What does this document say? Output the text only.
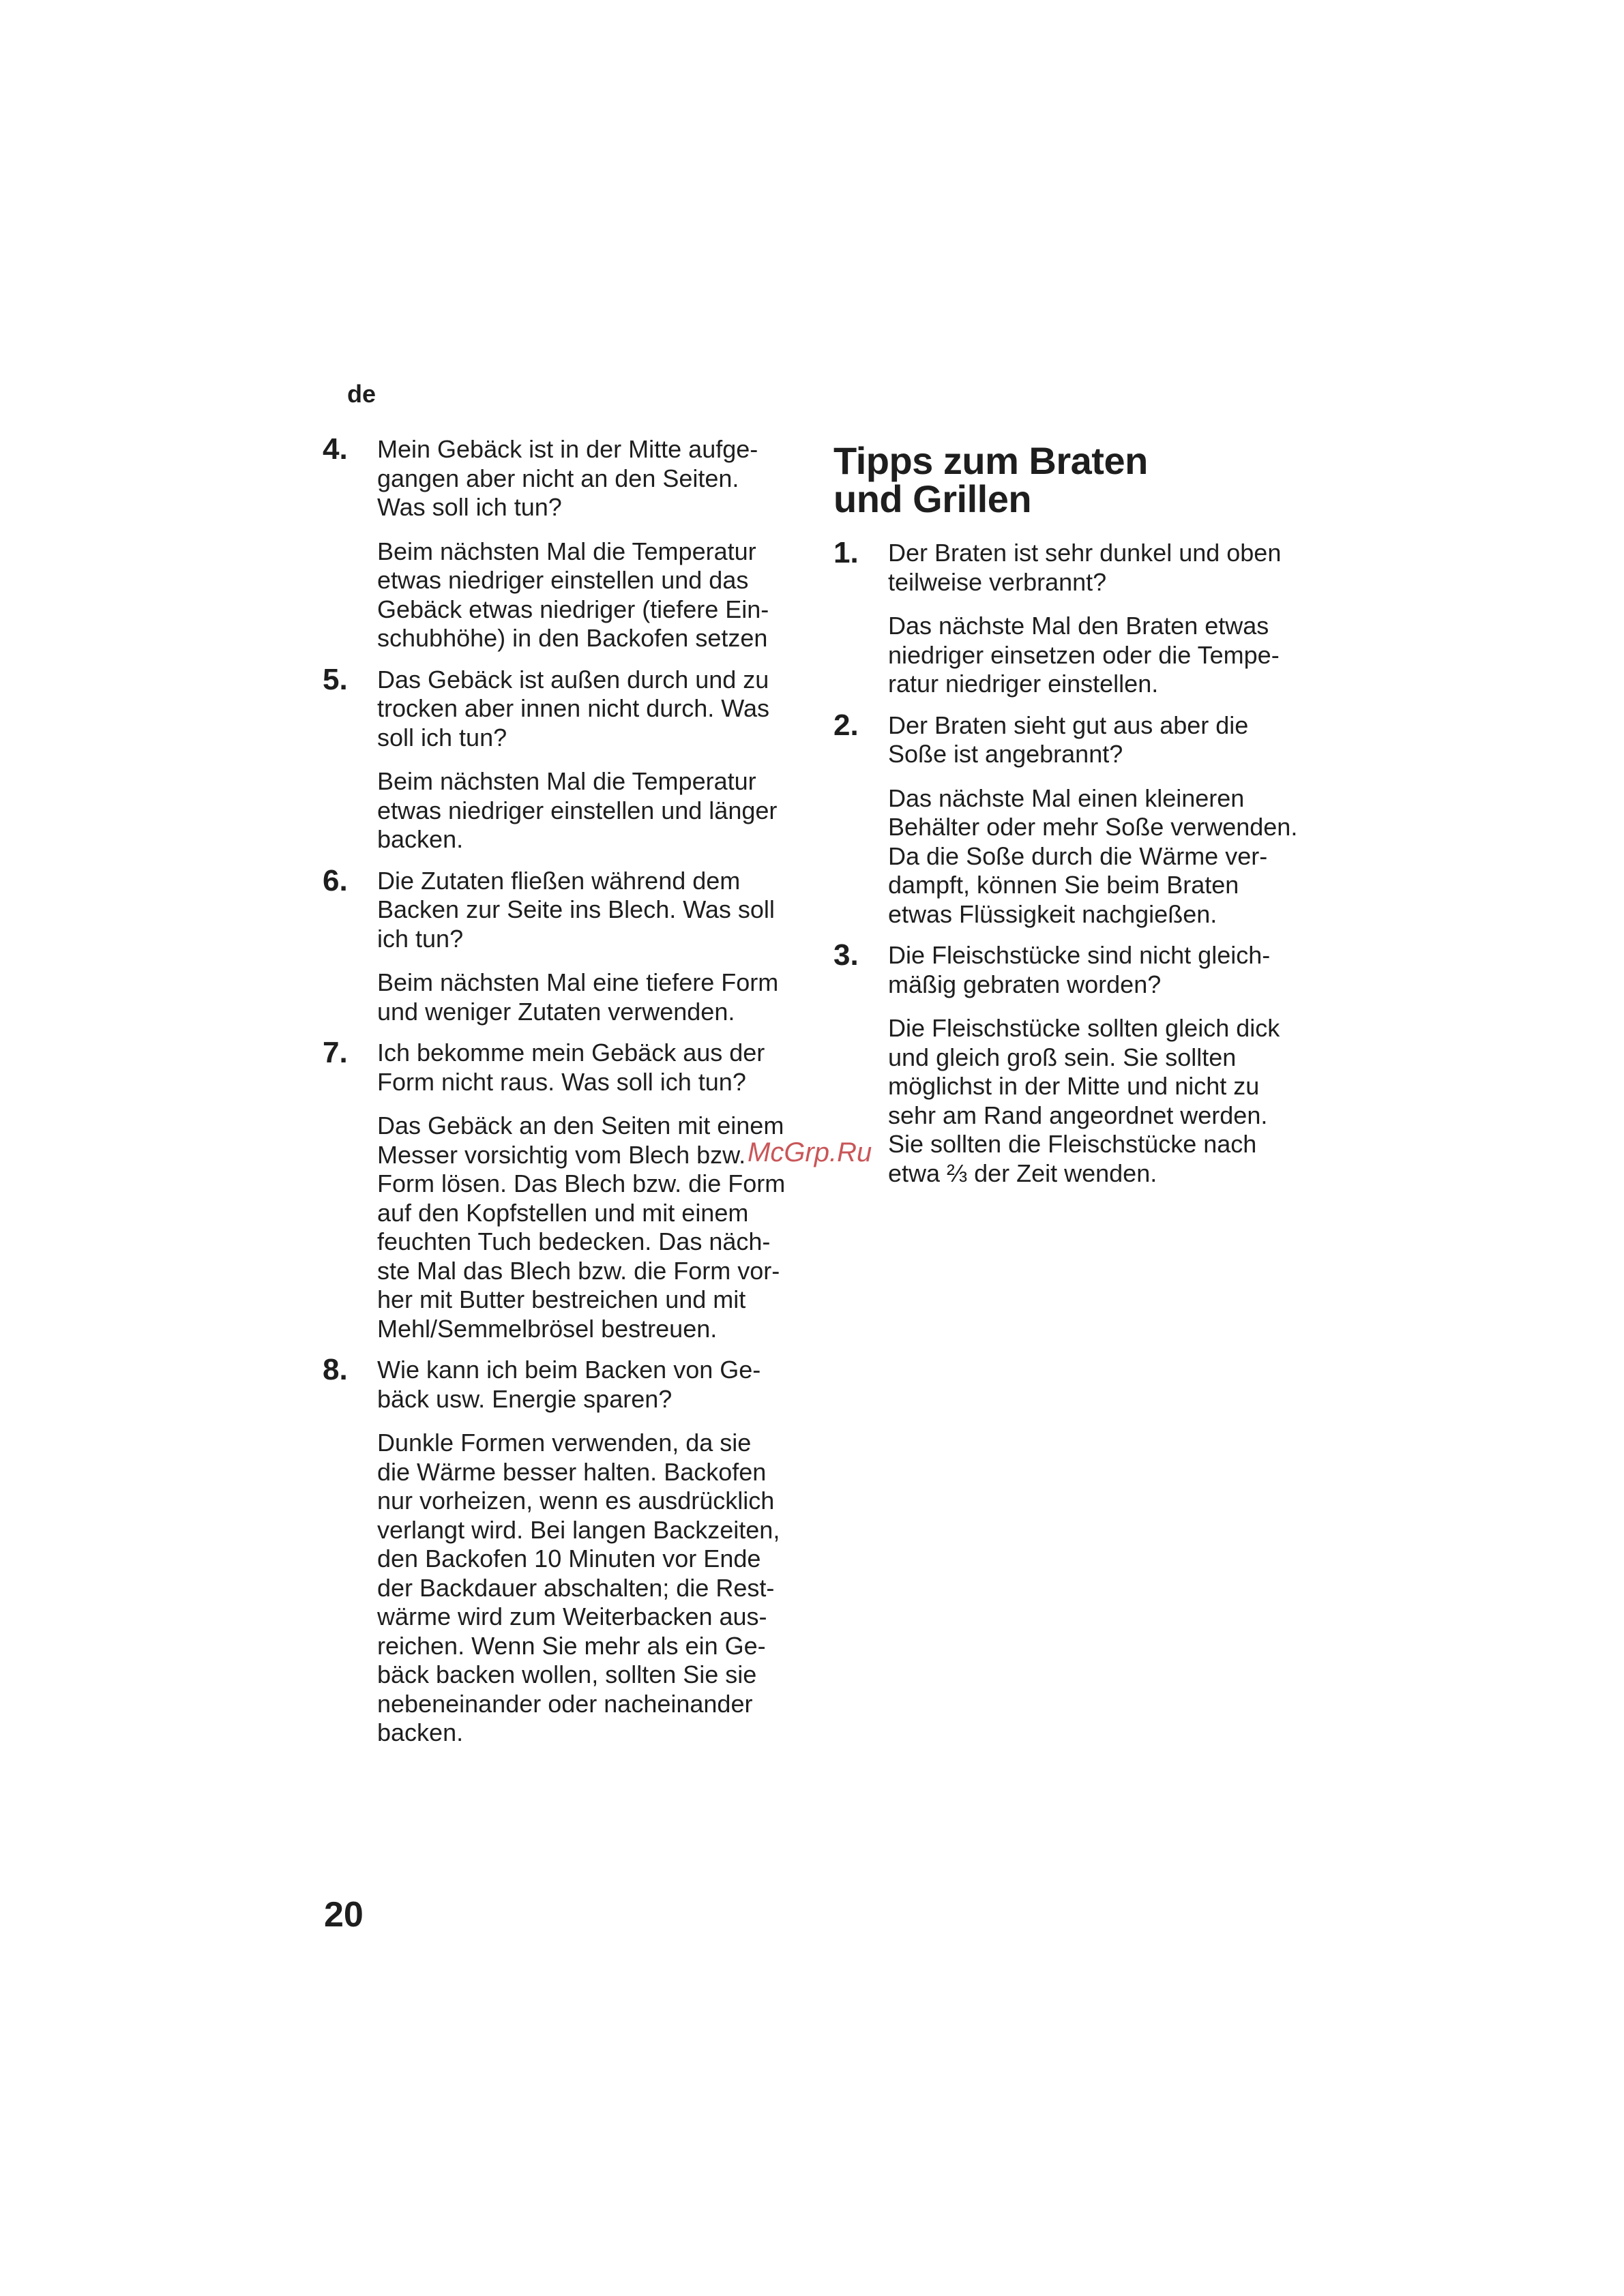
de
4. Mein Gebäck ist in der Mitte aufge-
gangen aber nicht an den Seiten.
Was soll ich tun?
Beim nächsten Mal die Temperatur
etwas niedriger einstellen und das
Gebäck etwas niedriger (tiefere Ein-
schubhöhe) in den Backofen setzen
5. Das Gebäck ist außen durch und zu
trocken aber innen nicht durch. Was
soll ich tun?
Beim nächsten Mal die Temperatur
etwas niedriger einstellen und länger
backen.
6. Die Zutaten fließen während dem
Backen zur Seite ins Blech. Was soll
ich tun?
Beim nächsten Mal eine tiefere Form
und weniger Zutaten verwenden.
7. Ich bekomme mein Gebäck aus der
Form nicht raus. Was soll ich tun?
Das Gebäck an den Seiten mit einem
Messer vorsichtig vom Blech bzw.
Form lösen. Das Blech bzw. die Form
auf den Kopfstellen und mit einem
feuchten Tuch bedecken. Das näch-
ste Mal das Blech bzw. die Form vor-
her mit Butter bestreichen und mit
Mehl/Semmelbrösel bestreuen.
8. Wie kann ich beim Backen von Ge-
bäck usw. Energie sparen?
Dunkle Formen verwenden, da sie
die Wärme besser halten. Backofen
nur vorheizen, wenn es ausdrücklich
verlangt wird. Bei langen Backzeiten,
den Backofen 10 Minuten vor Ende
der Backdauer abschalten; die Rest-
wärme wird zum Weiterbacken aus-
reichen. Wenn Sie mehr als ein Ge-
bäck backen wollen, sollten Sie sie
nebeneinander oder nacheinander
backen.
Tipps zum Braten
und Grillen
1. Der Braten ist sehr dunkel und oben
teilweise verbrannt?
Das nächste Mal den Braten etwas
niedriger einsetzen oder die Tempe-
ratur niedriger einstellen.
2. Der Braten sieht gut aus aber die
Soße ist angebrannt?
Das nächste Mal einen kleineren
Behälter oder mehr Soße verwenden.
Da die Soße durch die Wärme ver-
dampft, können Sie beim Braten
etwas Flüssigkeit nachgießen.
3. Die Fleischstücke sind nicht gleich-
mäßig gebraten worden?
Die Fleischstücke sollten gleich dick
und gleich groß sein. Sie sollten
möglichst in der Mitte und nicht zu
sehr am Rand angeordnet werden.
Sie sollten die Fleischstücke nach
etwa ⅔ der Zeit wenden.
McGrp.Ru
20
